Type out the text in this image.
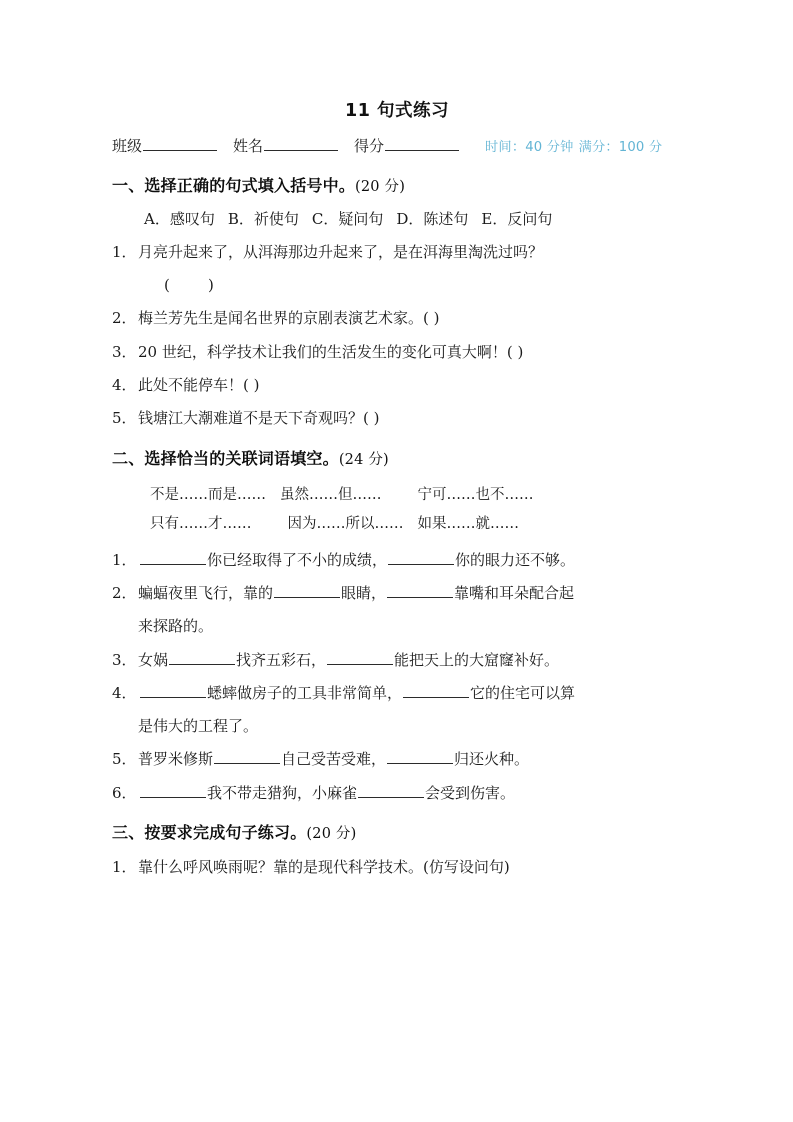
11 句式练习
班级	姓名	得分	时间：40 分钟 满分：100 分
一、选择正确的句式填入括号中。(20 分)
A．感叹句 B．祈使句 C．疑问句 D．陈述句 E．反问句
1． 月亮升起来了，从洱海那边升起来了，是在洱海里淘洗过吗？
(        )
2． 梅兰芳先生是闻名世界的京剧表演艺术家。( )
3． 20 世纪，科学技术让我们的生活发生的变化可真大啊！( )
4． 此处不能停车！( )
5． 钱塘江大潮难道不是天下奇观吗？( )
二、选择恰当的关联词语填空。(24 分)
不是……而是…… 虽然……但…… 宁可……也不……
只有……才…… 因为……所以…… 如果……就……
1．	你已经取得了不小的成绩，	你的眼力还不够。
2． 蝙蝠夜里飞行，靠的	眼睛，	靠嘴和耳朵配合起
来探路的。
3． 女娲	找齐五彩石，	能把天上的大窟窿补好。
4．	蟋蟀做房子的工具非常简单，	它的住宅可以算
是伟大的工程了。
5． 普罗米修斯	自己受苦受难，	归还火种。
6．	我不带走猎狗，小麻雀	会受到伤害。
三、按要求完成句子练习。(20 分)
1． 靠什么呼风唤雨呢？靠的是现代科学技术。(仿写设问句)
